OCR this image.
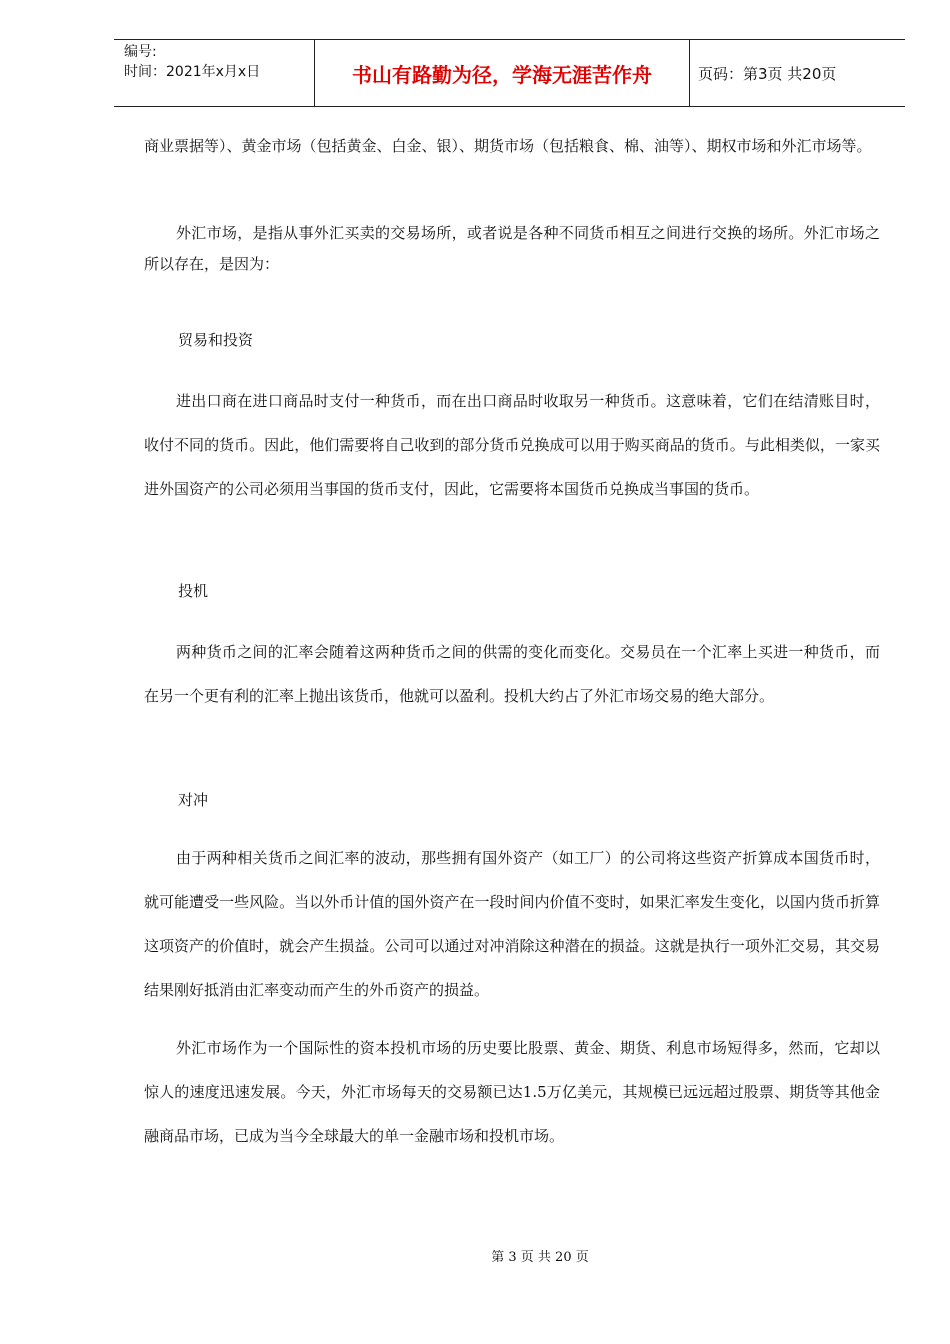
编号:
时间：2021年x月x日	书山有路勤为径，学海无涯苦作舟	页码：第3页 共20页

商业票据等）、黄金市场（包括黄金、白金、银）、期货市场（包括粮食、棉、油等）、期权市场和外汇市场等。

外汇市场，是指从事外汇买卖的交易场所，或者说是各种不同货币相互之间进行交换的场所。外汇市场之所以存在，是因为：

贸易和投资

进出口商在进口商品时支付一种货币，而在出口商品时收取另一种货币。这意味着，它们在结清账目时，收付不同的货币。因此，他们需要将自己收到的部分货币兑换成可以用于购买商品的货币。与此相类似，一家买进外国资产的公司必须用当事国的货币支付，因此，它需要将本国货币兑换成当事国的货币。

投机

两种货币之间的汇率会随着这两种货币之间的供需的变化而变化。交易员在一个汇率上买进一种货币，而在另一个更有利的汇率上抛出该货币，他就可以盈利。投机大约占了外汇市场交易的绝大部分。

对冲

由于两种相关货币之间汇率的波动，那些拥有国外资产（如工厂）的公司将这些资产折算成本国货币时，就可能遭受一些风险。当以外币计值的国外资产在一段时间内价值不变时，如果汇率发生变化，以国内货币折算这项资产的价值时，就会产生损益。公司可以通过对冲消除这种潜在的损益。这就是执行一项外汇交易，其交易结果刚好抵消由汇率变动而产生的外币资产的损益。

外汇市场作为一个国际性的资本投机市场的历史要比股票、黄金、期货、利息市场短得多，然而，它却以惊人的速度迅速发展。今天，外汇市场每天的交易额已达1.5万亿美元，其规模已远远超过股票、期货等其他金融商品市场，已成为当今全球最大的单一金融市场和投机市场。

第 3 页 共 20 页
